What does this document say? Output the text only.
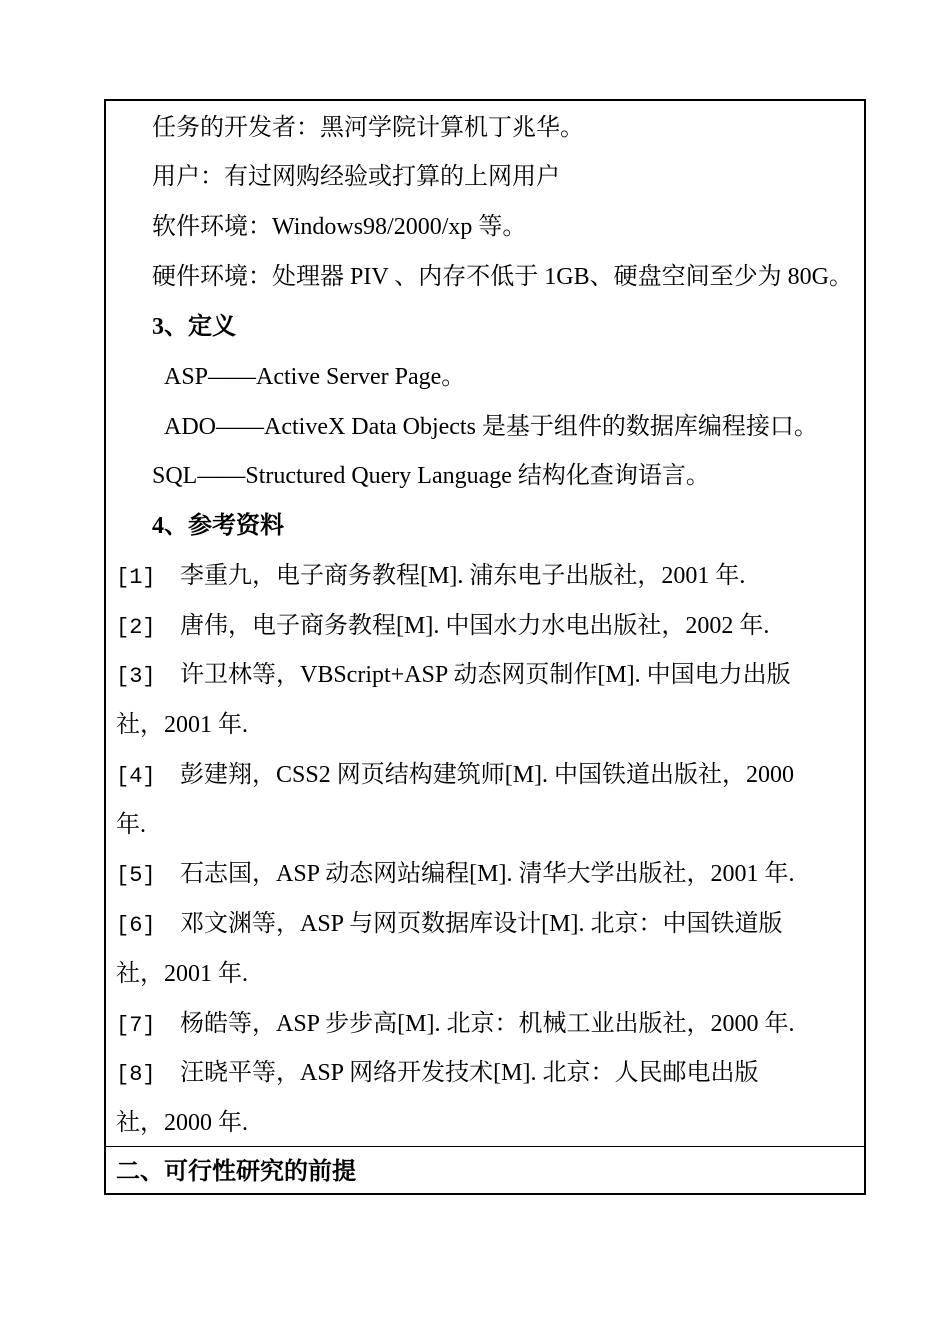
任务的开发者：黑河学院计算机丁兆华。
用户：有过网购经验或打算的上网用户
软件环境：Windows98/2000/xp 等。
硬件环境：处理器 PIV 、内存不低于 1GB、硬盘空间至少为 80G。
3、定义
ASP——Active Server Page。
ADO——ActiveX Data Objects 是基于组件的数据库编程接口。
SQL——Structured Query Language 结构化查询语言。
4、参考资料
[1] 李重九，电子商务教程[M]. 浦东电子出版社，2001 年.
[2] 唐伟，电子商务教程[M]. 中国水力水电出版社，2002 年.
[3] 许卫林等，VBScript+ASP 动态网页制作[M]. 中国电力出版
社，2001 年.
[4] 彭建翔，CSS2 网页结构建筑师[M]. 中国铁道出版社，2000
年.
[5] 石志国，ASP 动态网站编程[M]. 清华大学出版社，2001 年.
[6] 邓文渊等，ASP 与网页数据库设计[M]. 北京：中国铁道版
社，2001 年.
[7] 杨皓等，ASP 步步高[M]. 北京：机械工业出版社，2000 年.
[8] 汪晓平等，ASP 网络开发技术[M]. 北京：人民邮电出版
社，2000 年.
二、可行性研究的前提
